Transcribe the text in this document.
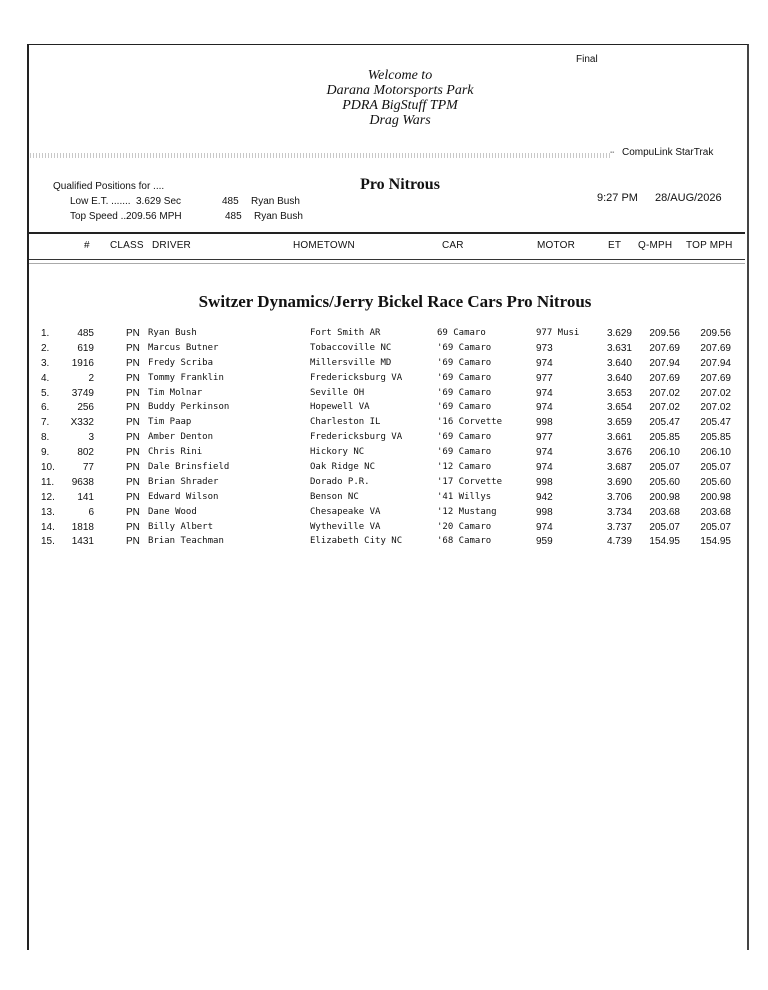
Final
Welcome to
Darana Motorsports Park
PDRA BigStuff TPM
Drag Wars
▪▪ CompuLink StarTrak
Qualified Positions for ....
Low E.T. ....... 3.629 Sec	485 Ryan Bush
Top Speed ...
209.56 MPH	485 Ryan Bush
Pro Nitrous
9:27 PM 28/AUG/2026
# CLASS DRIVER	HOMETOWN	CAR	MOTOR	ET Q-MPH TOP MPH
Switzer Dynamics/Jerry Bickel Race Cars Pro Nitrous
1.	485	PN Ryan Bush	Fort Smith AR	69 Camaro	977 Musi	3.629	209.56	209.56
2.	619	PN Marcus Butner	Tobaccoville NC	'69 Camaro	973	3.631	207.69	207.69
3.	1916	PN Fredy Scriba	Millersville MD	'69 Camaro	974	3.640	207.94	207.94
4.	2	PN Tommy Franklin	Fredericksburg VA	'69 Camaro	977	3.640	207.69	207.69
5.	3749	PN Tim Molnar	Seville OH	'69 Camaro	974	3.653	207.02	207.02
6.	256	PN Buddy Perkinson	Hopewell VA	'69 Camaro	974	3.654	207.02	207.02
7.	X332	PN Tim Paap	Charleston IL	'16 Corvette	998	3.659	205.47	205.47
8.	3	PN Amber Denton	Fredericksburg VA	'69 Camaro	977	3.661	205.85	205.85
9.	802	PN Chris Rini	Hickory NC	'69 Camaro	974	3.676	206.10	206.10
10.	77	PN Dale Brinsfield	Oak Ridge NC	'12 Camaro	974	3.687	205.07	205.07
11.	9638	PN Brian Shrader	Dorado P.R.	'17 Corvette	998	3.690	205.60	205.60
12.	141	PN Edward Wilson	Benson NC	'41 Willys	942	3.706	200.98	200.98
13.	6	PN Dane Wood	Chesapeake VA	'12 Mustang	998	3.734	203.68	203.68
14.	1818	PN Billy Albert	Wytheville VA	'20 Camaro	974	3.737	205.07	205.07
15.	1431	PN Brian Teachman	Elizabeth City NC	'68 Camaro	959	4.739	154.95	154.95
